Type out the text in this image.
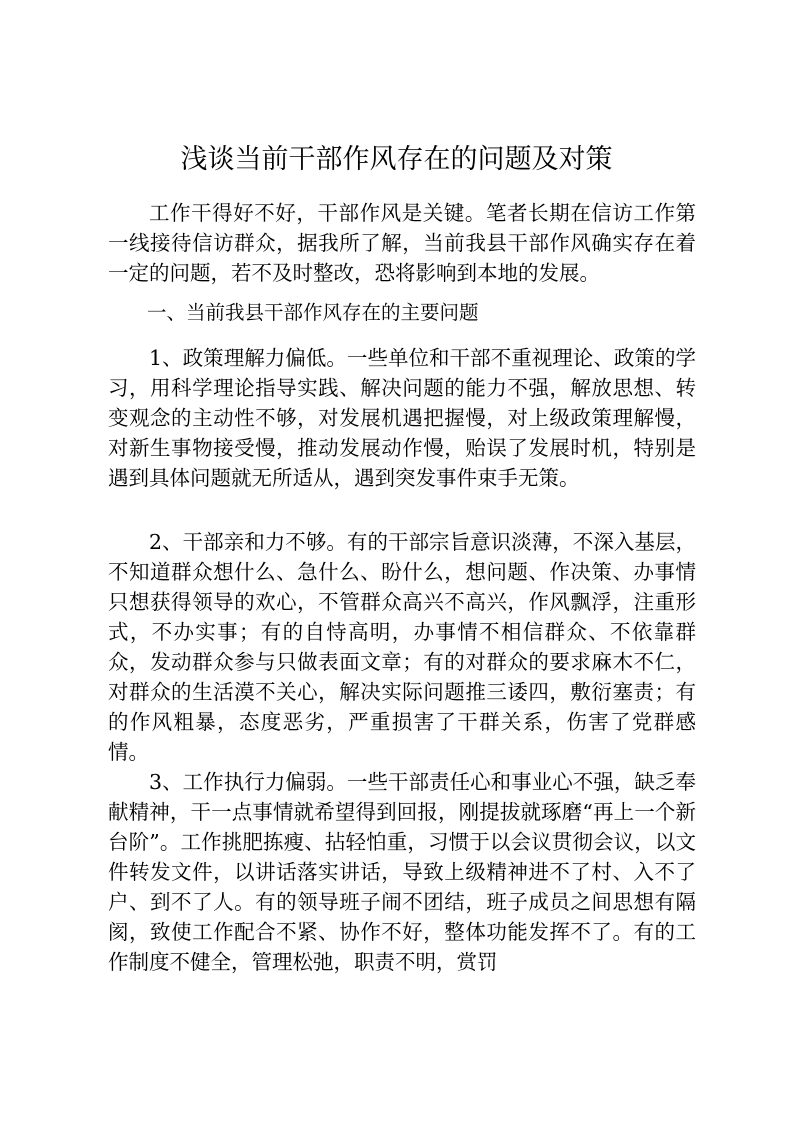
浅谈当前干部作风存在的问题及对策

工作干得好不好，干部作风是关键。笔者长期在信访工作第一线接待信访群众，据我所了解，当前我县干部作风确实存在着一定的问题，若不及时整改，恐将影响到本地的发展。

一、当前我县干部作风存在的主要问题

1、政策理解力偏低。一些单位和干部不重视理论、政策的学习，用科学理论指导实践、解决问题的能力不强，解放思想、转变观念的主动性不够，对发展机遇把握慢，对上级政策理解慢，对新生事物接受慢，推动发展动作慢，贻误了发展时机，特别是遇到具体问题就无所适从，遇到突发事件束手无策。

2、干部亲和力不够。有的干部宗旨意识淡薄，不深入基层，不知道群众想什么、急什么、盼什么，想问题、作决策、办事情只想获得领导的欢心，不管群众高兴不高兴，作风飘浮，注重形式，不办实事；有的自恃高明，办事情不相信群众、不依靠群众，发动群众参与只做表面文章；有的对群众的要求麻木不仁，对群众的生活漠不关心，解决实际问题推三诿四，敷衍塞责；有的作风粗暴，态度恶劣，严重损害了干群关系，伤害了党群感情。

3、工作执行力偏弱。一些干部责任心和事业心不强，缺乏奉献精神，干一点事情就希望得到回报，刚提拔就琢磨“再上一个新台阶”。工作挑肥拣瘦、拈轻怕重，习惯于以会议贯彻会议，以文件转发文件，以讲话落实讲话，导致上级精神进不了村、入不了户、到不了人。有的领导班子闹不团结，班子成员之间思想有隔阂，致使工作配合不紧、协作不好，整体功能发挥不了。有的工作制度不健全，管理松弛，职责不明，赏罚
